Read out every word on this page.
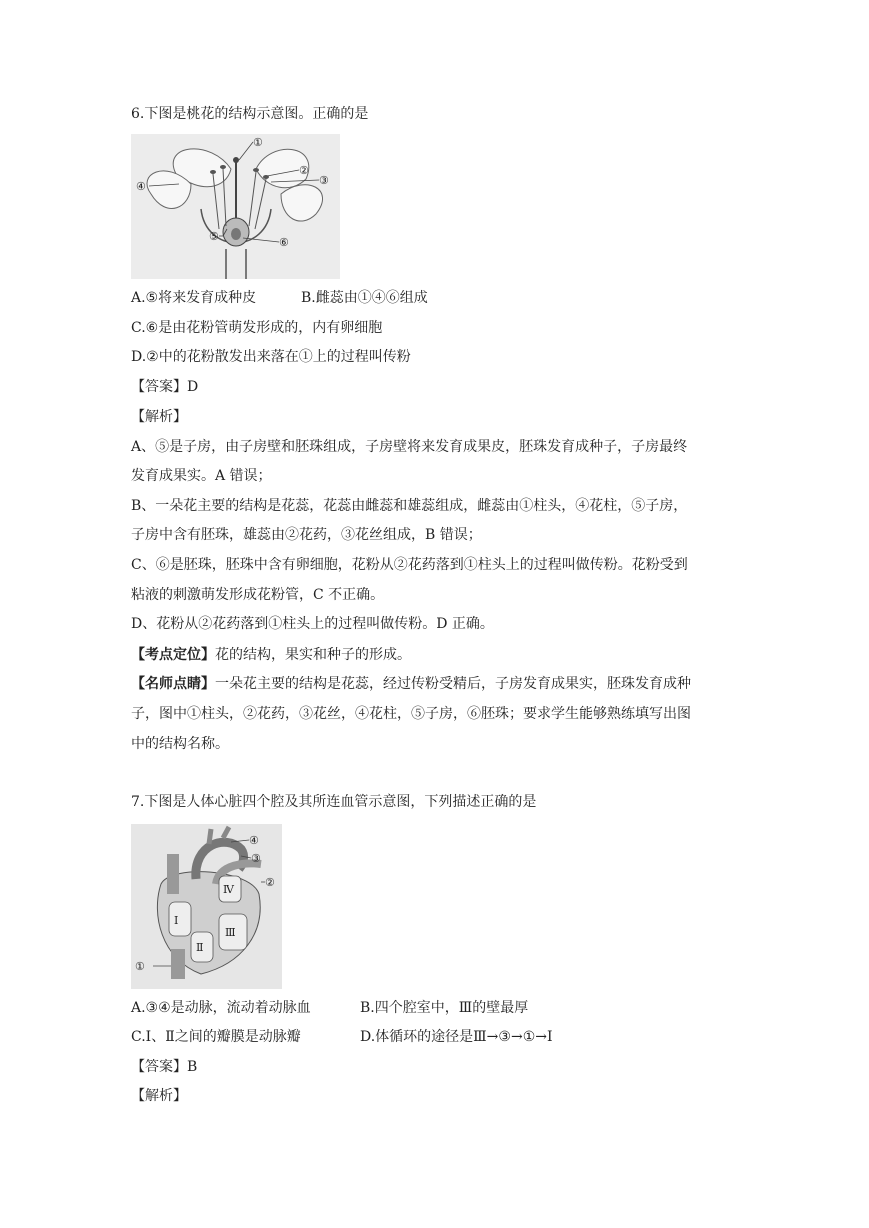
6.下图是桃花的结构示意图。正确的是
①
②
③
④
⑤	⑥
A.⑤将来发育成种皮	B.雌蕊由①④⑥组成
C.⑥是由花粉管萌发形成的，内有卵细胞
D.②中的花粉散发出来落在①上的过程叫传粉
【答案】D
【解析】
A、⑤是子房，由子房壁和胚珠组成，子房壁将来发育成果皮，胚珠发育成种子，子房最终
发育成果实。A 错误；
B、一朵花主要的结构是花蕊，花蕊由雌蕊和雄蕊组成，雌蕊由①柱头，④花柱，⑤子房，
子房中含有胚珠，雄蕊由②花药，③花丝组成，B 错误；
C、⑥是胚珠，胚珠中含有卵细胞，花粉从②花药落到①柱头上的过程叫做传粉。花粉受到
粘液的刺激萌发形成花粉管，C 不正确。
D、花粉从②花药落到①柱头上的过程叫做传粉。D 正确。
【考点定位】花的结构，果实和种子的形成。
【名师点睛】一朵花主要的结构是花蕊，经过传粉受精后，子房发育成果实，胚珠发育成种
子，图中①柱头，②花药，③花丝，④花柱，⑤子房，⑥胚珠；要求学生能够熟练填写出图
中的结构名称。
7.下图是人体心脏四个腔及其所连血管示意图，下列描述正确的是
④
③
②
①
Ⅰ
Ⅱ
Ⅲ
Ⅳ
A.③④是动脉，流动着动脉血	B.四个腔室中，Ⅲ的壁最厚
C.Ⅰ、Ⅱ之间的瓣膜是动脉瓣	D.体循环的途径是Ⅲ→③→①→Ⅰ
【答案】B
【解析】
